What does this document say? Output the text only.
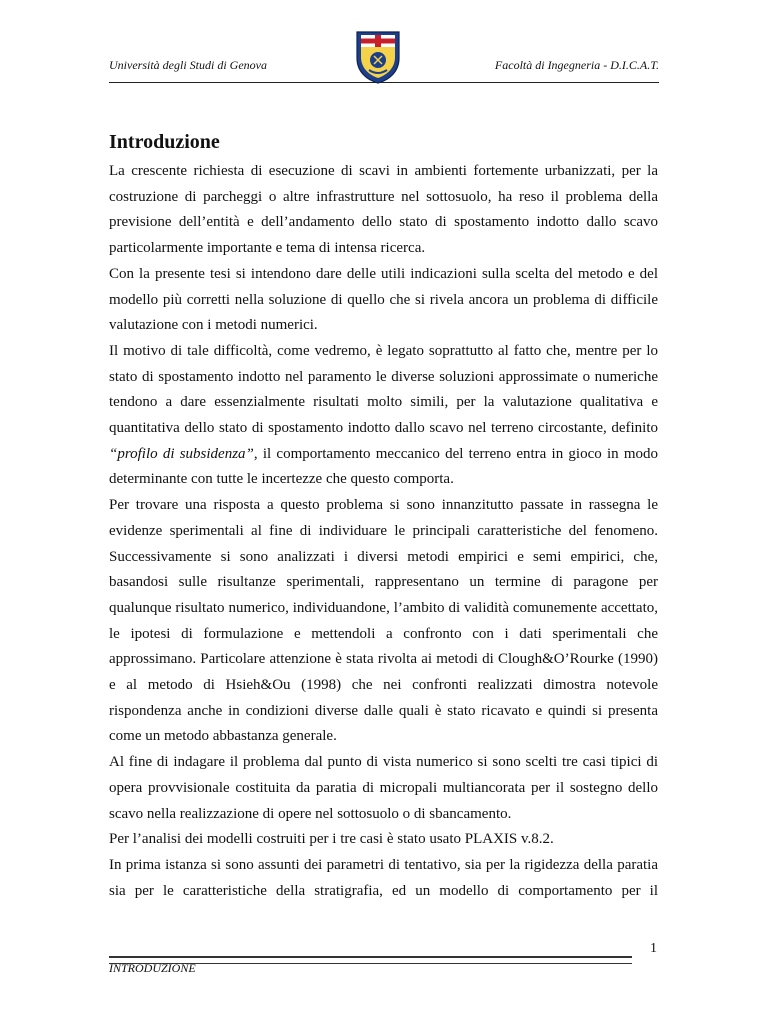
Università degli Studi di Genova	Facoltà di Ingegneria - D.I.C.A.T.
Introduzione

La crescente richiesta di esecuzione di scavi in ambienti fortemente urbanizzati, per la costruzione di parcheggi o altre infrastrutture nel sottosuolo, ha reso il problema della previsione dell’entità e dell’andamento dello stato di spostamento indotto dallo scavo particolarmente importante e tema di intensa ricerca.

Con la presente tesi si intendono dare delle utili indicazioni sulla scelta del metodo e del modello più corretti nella soluzione di quello che si rivela ancora un problema di difficile valutazione con i metodi numerici.

Il motivo di tale difficoltà, come vedremo, è legato soprattutto al fatto che, mentre per lo stato di spostamento indotto nel paramento le diverse soluzioni approssimate o numeriche tendono a dare essenzialmente risultati molto simili, per la valutazione qualitativa e quantitativa dello stato di spostamento indotto dallo scavo nel terreno circostante, definito “profilo di subsidenza”, il comportamento meccanico del terreno entra in gioco in modo determinante con tutte le incertezze che questo comporta.

Per trovare una risposta a questo problema si sono innanzitutto passate in rassegna le evidenze sperimentali al fine di individuare le principali caratteristiche del fenomeno. Successivamente si sono analizzati i diversi metodi empirici e semi empirici, che, basandosi sulle risultanze sperimentali, rappresentano un termine di paragone per qualunque risultato numerico, individuandone, l’ambito di validità comunemente accettato, le ipotesi di formulazione e mettendoli a confronto con i dati sperimentali che approssimano. Particolare attenzione è stata rivolta ai metodi di Clough&O’Rourke (1990) e al metodo di Hsieh&Ou (1998) che nei confronti realizzati dimostra notevole rispondenza anche in condizioni diverse dalle quali è stato ricavato e quindi si presenta come un metodo abbastanza generale.

Al fine di indagare il problema dal punto di vista numerico si sono scelti tre casi tipici di opera provvisionale costituita da paratia di micropali multiancorata per il sostegno dello scavo nella realizzazione di opere nel sottosuolo o di sbancamento.

Per l’analisi dei modelli costruiti per i tre casi è stato usato PLAXIS v.8.2.

In prima istanza si sono assunti dei parametri di tentativo, sia per la rigidezza della paratia sia per le caratteristiche della stratigrafia, ed un modello di comportamento per il

1
INTRODUZIONE
